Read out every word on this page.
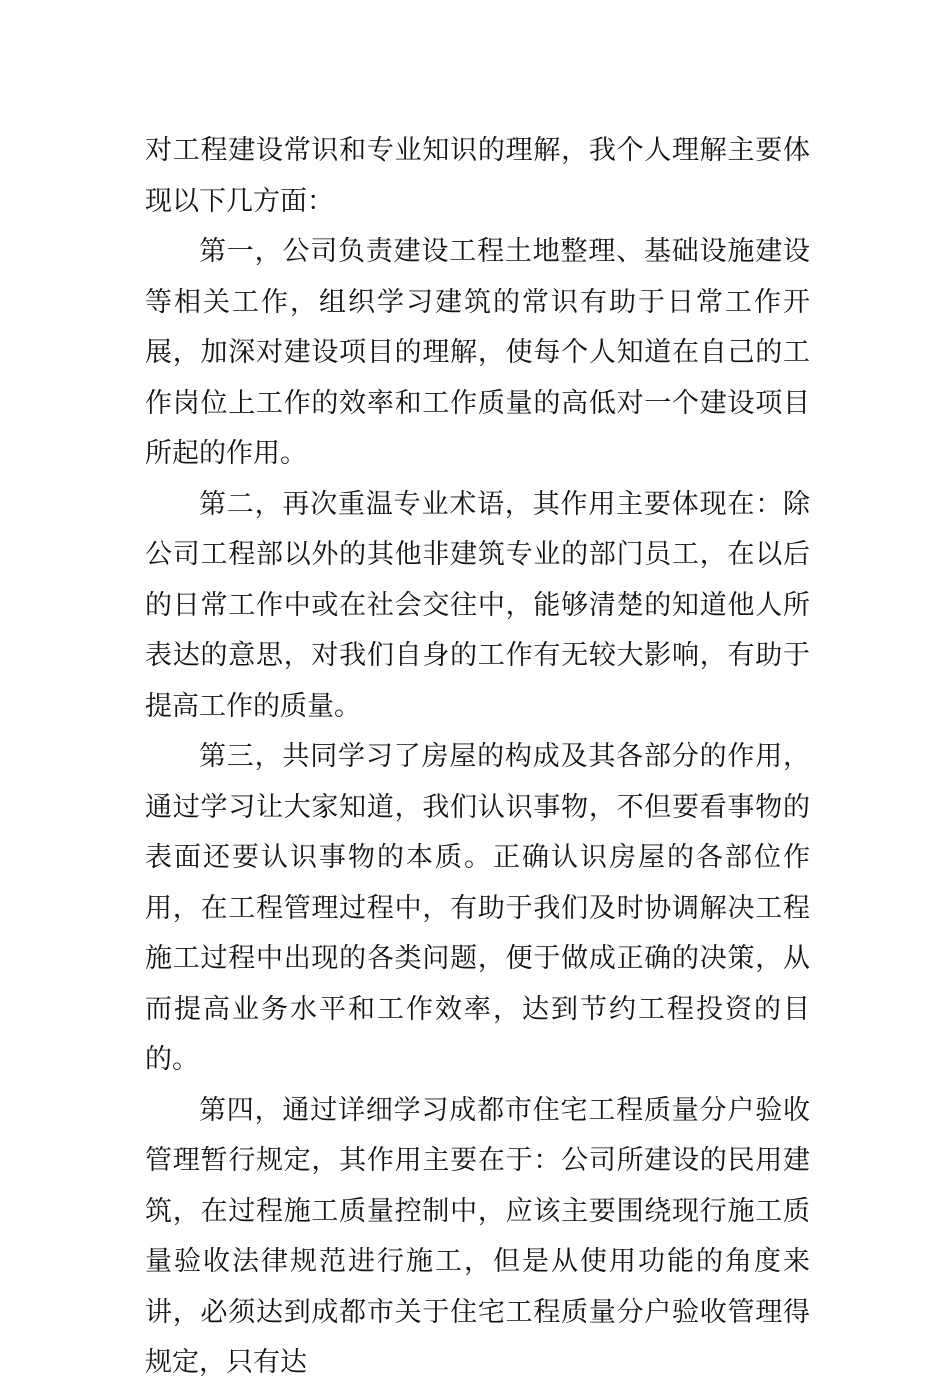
对工程建设常识和专业知识的理解，我个人理解主要体现以下几方面：

第一，公司负责建设工程土地整理、基础设施建设等相关工作，组织学习建筑的常识有助于日常工作开展，加深对建设项目的理解，使每个人知道在自己的工作岗位上工作的效率和工作质量的高低对一个建设项目所起的作用。

第二，再次重温专业术语，其作用主要体现在：除公司工程部以外的其他非建筑专业的部门员工，在以后的日常工作中或在社会交往中，能够清楚的知道他人所表达的意思，对我们自身的工作有无较大影响，有助于提高工作的质量。

第三，共同学习了房屋的构成及其各部分的作用，通过学习让大家知道，我们认识事物，不但要看事物的表面还要认识事物的本质。正确认识房屋的各部位作用，在工程管理过程中，有助于我们及时协调解决工程施工过程中出现的各类问题，便于做成正确的决策，从而提高业务水平和工作效率，达到节约工程投资的目的。

第四，通过详细学习成都市住宅工程质量分户验收管理暂行规定，其作用主要在于：公司所建设的民用建筑，在过程施工质量控制中，应该主要围绕现行施工质量验收法律规范进行施工，但是从使用功能的角度来讲，必须达到成都市关于住宅工程质量分户验收管理得规定，只有达
